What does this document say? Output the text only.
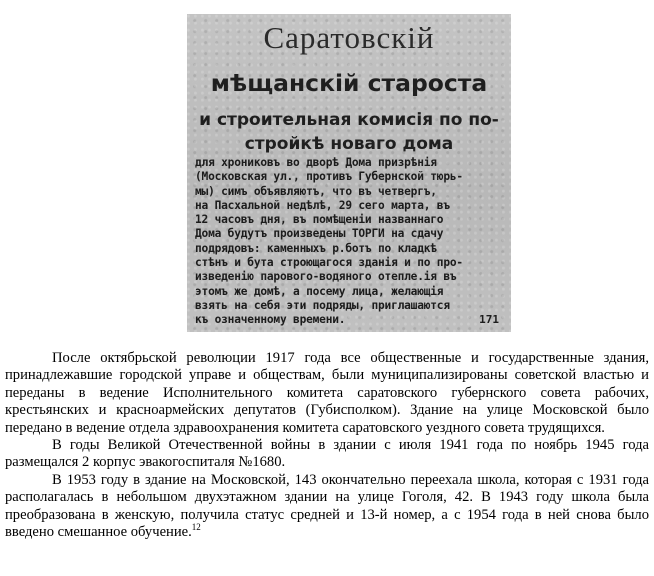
Саратовскій
мѣщанскій староста
и строительная комисія по по-
стройкѣ новаго дома
для хрониковъ во дворѣ Дома призрѣнія
(Московская ул., противъ Губернской тюрь-
мы) симъ объявляютъ, что въ четвергъ,
на Пасхальной недѣлѣ, 29 сего марта, въ
12 часовъ дня, въ помѣщеніи названнаго
Дома будутъ произведены ТОРГИ на сдачу
подрядовъ: каменныхъ р.ботъ по кладкѣ
стѣнъ и бута строющагося зданія и по про-
изведенію парового-водяного отепле.ія въ
этомъ же домѣ, а посему лица, желающія
взять на себя эти подряды, приглашаются
къ означенному времени.	171

После октябрьской революции 1917 года все общественные и государственные здания, принадлежавшие городской управе и обществам, были муниципализированы советской властью и переданы в ведение Исполнительного комитета саратовского губернского совета рабочих, крестьянских и красноармейских депутатов (Губисполком). Здание на улице Московской было передано в ведение отдела здравоохранения комитета саратовского уездного совета трудящихся.

В годы Великой Отечественной войны в здании с июля 1941 года по ноябрь 1945 года размещался 2 корпус эвакогоспиталя №1680.

В 1953 году в здание на Московской, 143 окончательно переехала школа, которая с 1931 года располагалась в небольшом двухэтажном здании на улице Гоголя, 42. В 1943 году школа была преобразована в женскую, получила статус средней и 13-й номер, а с 1954 года в ней снова было введено смешанное обучение.$^{12}$
